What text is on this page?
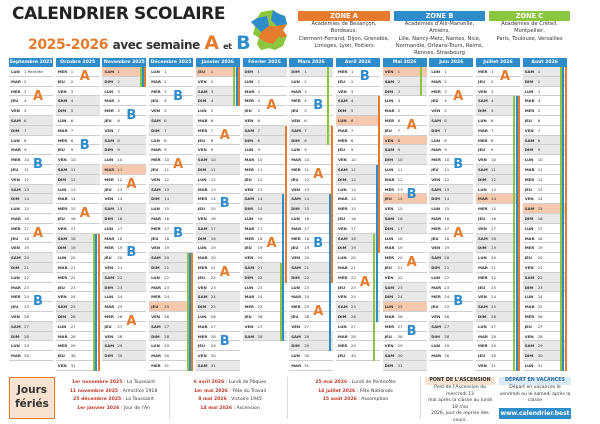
CALENDRIER SCOLAIRE
2025-2026 avec semaine A et B
ZONE A
Académies de Besançon, Bordeaux,
Clermont-Ferrand, Dijon, Grenoble,
Limoges, Lyon, Poitiers
ZONE B
Académies d'Aix-Marseille, Amiens,
Lille, Nancy-Metz, Nantes, Nice,
Normandie, Orléans-Tours, Reims,
Rennes, Strasbourg
ZONE C
Académies de Créteil, Montpellier,
Paris, Toulouse, Versailles
Septembre 2025
LUN 1 Rentrée
MAR 2
MER 3
JEU 4
VEN 5
SAM 6
DIM 7
LUN 8
MAR 9
MER 10
JEU 11
VEN 12
SAM 13
DIM 14
LUN 15
MAR 16
MER 17
JEU 18
VEN 19
SAM 20
DIM 21
LUN 22
MAR 23
MER 24
JEU 25
VEN 26
SAM 27
DIM 28
LUN 29
MAR 30
A
B
A
B
Octobre 2025
MER 1
JEU 2
VEN 3
SAM 4
DIM 5
LUN 6
MAR 7
MER 8
JEU 9
VEN 10
SAM 11
DIM 12
LUN 13
MAR 14
MER 15
JEU 16
VEN 17
SAM 18
DIM 19
LUN 20
MAR 21
MER 22
JEU 23
VEN 24
SAM 25
DIM 26
LUN 27
MAR 28
MER 29
JEU 30
VEN 31
A
B
A
Novembre 2025
SAM 1
DIM 2
LUN 3
MAR 4
MER 5
JEU 6
VEN 7
SAM 8
DIM 9
LUN 10
MAR 11
MER 12
JEU 13
VEN 14
SAM 15
DIM 16
LUN 17
MAR 18
MER 19
JEU 20
VEN 21
SAM 22
DIM 23
LUN 24
MAR 25
MER 26
JEU 27
VEN 28
SAM 29
DIM 30
B
A
B
A
Décembre 2025
LUN 1
MAR 2
MER 3
JEU 4
VEN 5
SAM 6
DIM 7
LUN 8
MAR 9
MER 10
JEU 11
VEN 12
SAM 13
DIM 14
LUN 15
MAR 16
MER 17
JEU 18
VEN 19
SAM 20
DIM 21
LUN 22
MAR 23
MER 24
JEU 25
VEN 26
SAM 27
DIM 28
LUN 29
MAR 30
MER 31
B
A
B
Janvier 2026
JEU 1
VEN 2
SAM 3
DIM 4
LUN 5
MAR 6
MER 7
JEU 8
VEN 9
SAM 10
DIM 11
LUN 12
MAR 13
MER 14
JEU 15
VEN 16
SAM 17
DIM 18
LUN 19
MAR 20
MER 21
JEU 22
VEN 23
SAM 24
DIM 25
LUN 26
MAR 27
MER 28
JEU 29
VEN 30
SAM 31
A
B
A
B
Février 2026
DIM 1
LUN 2
MAR 3
MER 4
JEU 5
VEN 6
SAM 7
DIM 8
LUN 9
MAR 10
MER 11
JEU 12
VEN 13
SAM 14
DIM 15
LUN 16
MAR 17
MER 18
JEU 19
VEN 20
SAM 21
DIM 22
LUN 23
MAR 24
MER 25
JEU 26
VEN 27
SAM 28
A
A
Mars 2026
DIM 1
LUN 2
MAR 3
MER 4
JEU 5
VEN 6
SAM 7
DIM 8
LUN 9
MAR 10
MER 11
JEU 12
VEN 13
SAM 14
DIM 15
LUN 16
MAR 17
MER 18
JEU 19
VEN 20
SAM 21
DIM 22
LUN 23
MAR 24
MER 25
JEU 26
VEN 27
SAM 28
DIM 29
LUN 30
MAR 31
B
A
B
A
Avril 2026
MER 1
JEU 2
VEN 3
SAM 4
DIM 5
LUN 6
MAR 7
MER 8
JEU 9
VEN 10
SAM 11
DIM 12
LUN 13
MAR 14
MER 15
JEU 16
VEN 17
SAM 18
DIM 19
LUN 20
MAR 21
MER 22
JEU 23
VEN 24
SAM 25
DIM 26
LUN 27
MAR 28
MER 29
JEU 30
B
A
Mai 2026
VEN 1
SAM 2
DIM 3
LUN 4
MAR 5
MER 6
JEU 7
VEN 8
SAM 9
DIM 10
LUN 11
MAR 12
MER 13
JEU 14
VEN 15
SAM 16
DIM 17
LUN 18
MAR 19
MER 20
JEU 21
VEN 22
SAM 23
DIM 24
LUN 25
MAR 26
MER 27
JEU 28
VEN 29
SAM 30
DIM 31
A
B
A
B
Juin 2026
LUN 1
MAR 2
MER 3
JEU 4
VEN 5
SAM 6
DIM 7
LUN 8
MAR 9
MER 10
JEU 11
VEN 12
SAM 13
DIM 14
LUN 15
MAR 16
MER 17
JEU 18
VEN 19
SAM 20
DIM 21
LUN 22
MAR 23
MER 24
JEU 25
VEN 26
SAM 27
DIM 28
LUN 29
MAR 30
A
B
A
B
Juillet 2026
MER 1
JEU 2
VEN 3
SAM 4
DIM 5
LUN 6
MAR 7
MER 8
JEU 9
VEN 10
SAM 11
DIM 12
LUN 13
MAR 14
MER 15
JEU 16
VEN 17
SAM 18
DIM 19
LUN 20
MAR 21
MER 22
JEU 23
VEN 24
SAM 25
DIM 26
LUN 27
MAR 28
MER 29
JEU 30
VEN 31
A
Août 2026
SAM 1
DIM 2
LUN 3
MAR 4
MER 5
JEU 6
VEN 7
SAM 8
DIM 9
LUN 10
MAR 11
MER 12
JEU 13
VEN 14
SAM 15
DIM 16
LUN 17
MAR 18
MER 19
JEU 20
VEN 21
SAM 22
DIM 23
LUN 24
MAR 25
MER 26
JEU 27
VEN 28
SAM 29
DIM 30
LUN 31
Jours
fériés
1er novembre 2025 : La Toussaint
11 novembre 2025 : Armistice 1918
25 décembre 2025 : La Toussaint
1er janvier 2026 : Jour de l'An
6 avril 2026 : Lundi de Pâques
1er mai 2026 : Fête du Travail
8 mai 2026 : Victoire 1945
14 mai 2026 : Ascension
25 mai 2026 : Lundi de Pentecôte
14 juillet 2026 : Fête Nationale
15 août 2026 : Assomption
PONT DE L'ASCENSION
Pont de l'Ascension du mercredi 13
mai après la classe au lundi 18 mai
2026, jour de reprise des cours.
DÉPART EN VACANCES
Départ en vacances le vendredi ou le samedi après la classe
www.calendrier.best
